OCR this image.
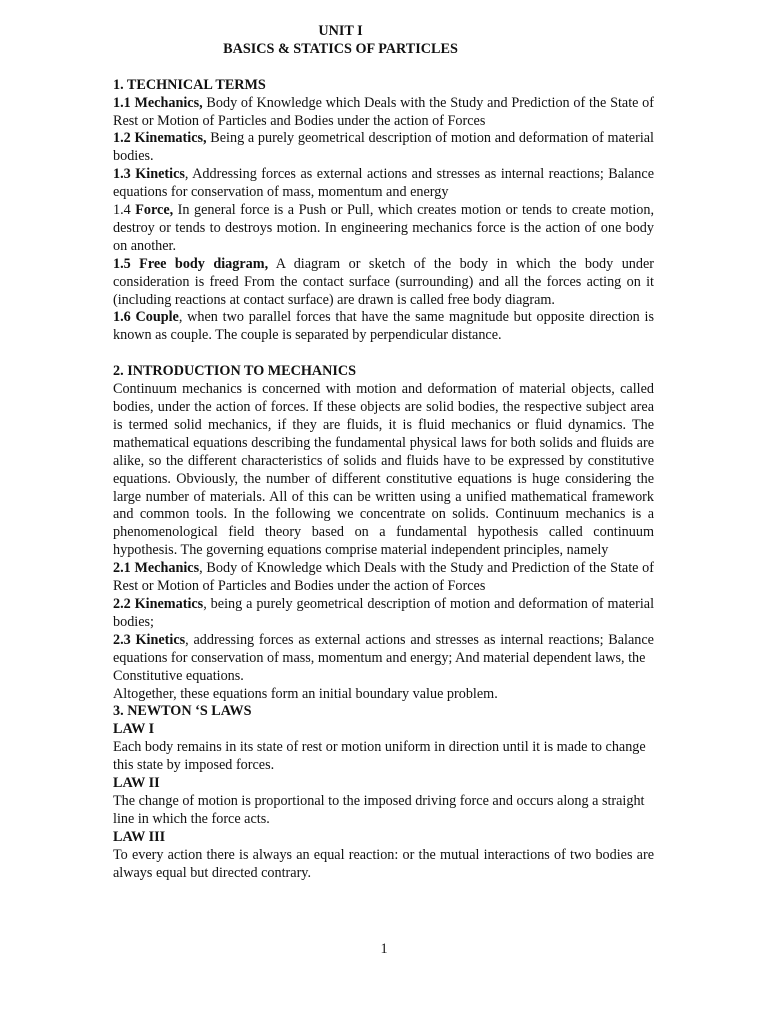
UNIT I
BASICS & STATICS OF PARTICLES
1. TECHNICAL TERMS
1.1 Mechanics, Body of Knowledge which Deals with the Study and Prediction of the State of Rest or Motion of Particles and Bodies under the action of Forces
1.2 Kinematics, Being a purely geometrical description of motion and deformation of material bodies.
1.3 Kinetics, Addressing forces as external actions and stresses as internal reactions; Balance equations for conservation of mass, momentum and energy
1.4 Force, In general force is a Push or Pull, which creates motion or tends to create motion, destroy or tends to destroys motion. In engineering mechanics force is the action of one body on another.
1.5 Free body diagram, A diagram or sketch of the body in which the body under consideration is freed From the contact surface (surrounding) and all the forces acting on it (including reactions at contact surface) are drawn is called free body diagram.
1.6 Couple, when two parallel forces that have the same magnitude but opposite direction is known as couple. The couple is separated by perpendicular distance.
2. INTRODUCTION TO MECHANICS
Continuum mechanics is concerned with motion and deformation of material objects, called bodies, under the action of forces. If these objects are solid bodies, the respective subject area is termed solid mechanics, if they are fluids, it is fluid mechanics or fluid dynamics. The mathematical equations describing the fundamental physical laws for both solids and fluids are alike, so the different characteristics of solids and fluids have to be expressed by constitutive equations. Obviously, the number of different constitutive equations is huge considering the large number of materials. All of this can be written using a unified mathematical framework and common tools. In the following we concentrate on solids. Continuum mechanics is a phenomenological field theory based on a fundamental hypothesis called continuum hypothesis. The governing equations comprise material independent principles, namely
2.1 Mechanics, Body of Knowledge which Deals with the Study and Prediction of the State of Rest or Motion of Particles and Bodies under the action of Forces
2.2 Kinematics, being a purely geometrical description of motion and deformation of material bodies;
2.3 Kinetics, addressing forces as external actions and stresses as internal reactions; Balance equations for conservation of mass, momentum and energy; And material dependent laws, the
Constitutive equations.
Altogether, these equations form an initial boundary value problem.
3. NEWTON ‘S LAWS
LAW I
Each body remains in its state of rest or motion uniform in direction until it is made to change this state by imposed forces.
LAW II
The change of motion is proportional to the imposed driving force and occurs along a straight line in which the force acts.
LAW III
To every action there is always an equal reaction: or the mutual interactions of two bodies are always equal but directed contrary.
1
